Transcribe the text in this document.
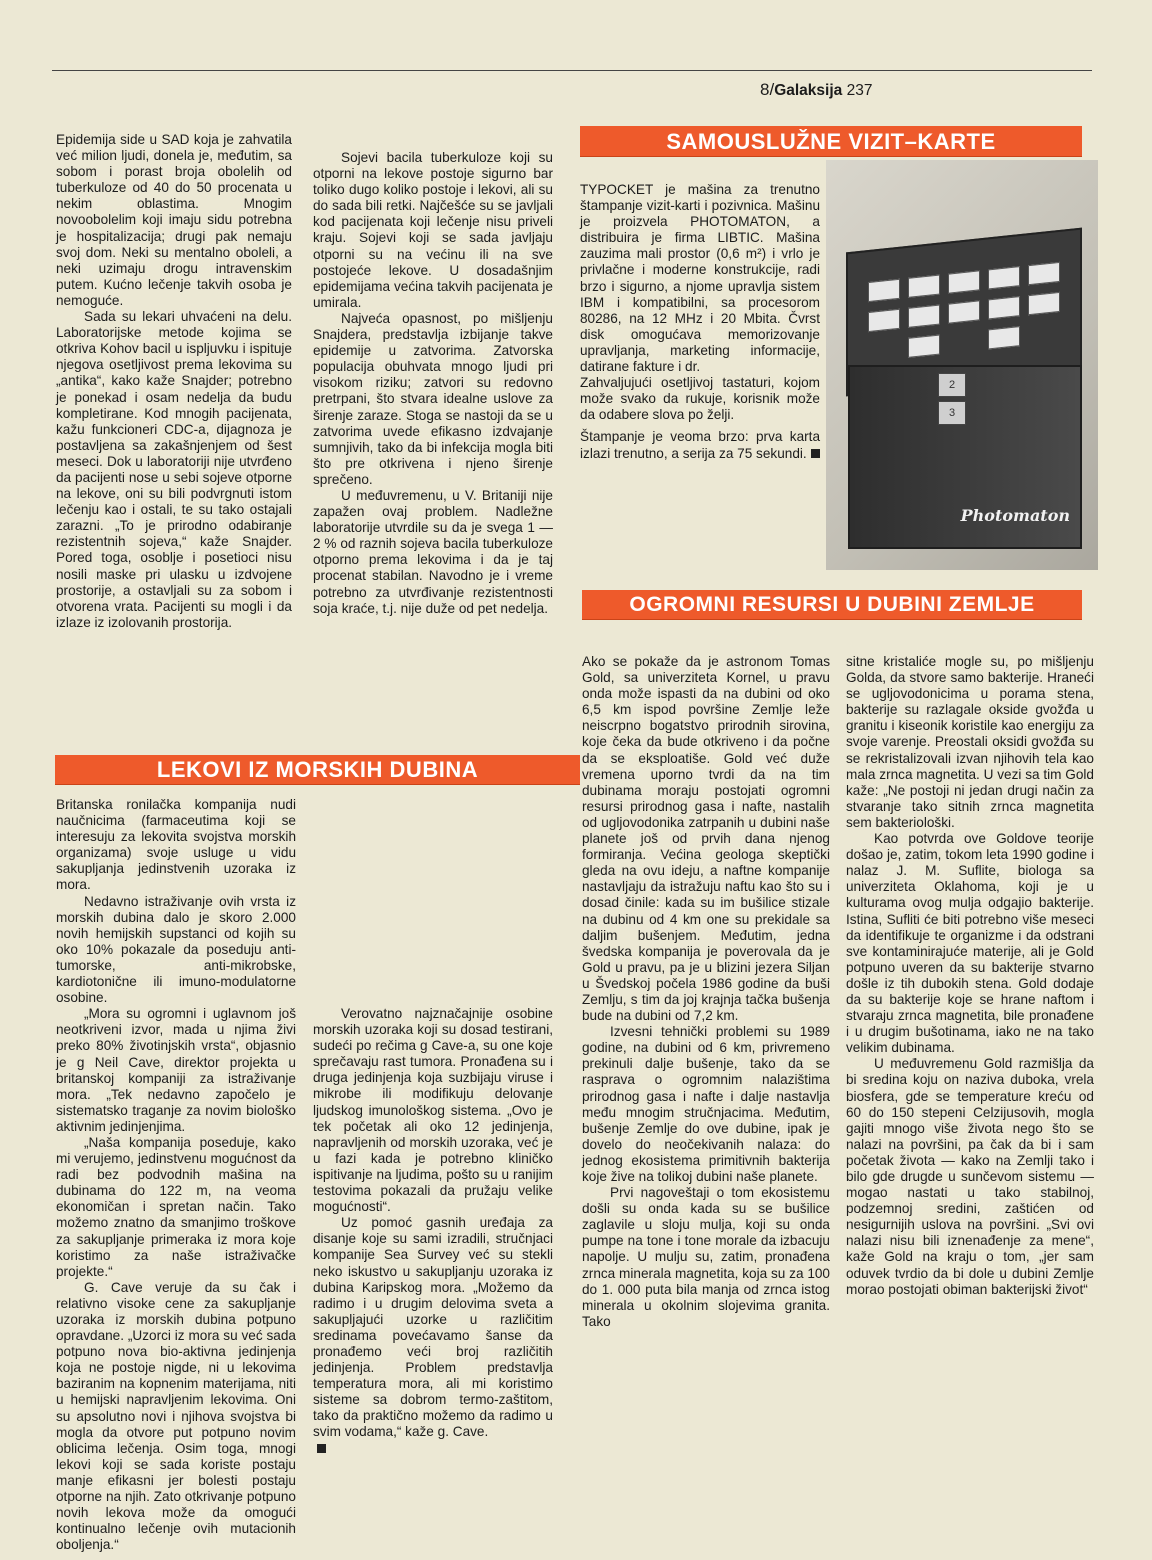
8/Galaksija 237

Epidemija side u SAD koja je zahvatila već milion ljudi, donela je, međutim, sa sobom i porast broja obolelih od tuberkuloze od 40 do 50 procenata u nekim oblastima. Mnogim novoobolelim koji imaju sidu potrebna je hospitalizacija; drugi pak nemaju svoj dom. Neki su mentalno oboleli, a neki uzimaju drogu intravenskim putem. Kućno lečenje takvih osoba je nemoguće.

Sada su lekari uhvaćeni na delu. Laboratorijske metode kojima se otkriva Kohov bacil u ispljuvku i ispituje njegova osetljivost prema lekovima su „antika“, kako kaže Snajder; potrebno je ponekad i osam nedelja da budu kompletirane. Kod mnogih pacijenata, kažu funkcioneri CDC-a, dijagnoza je postavljena sa zakašnjenjem od šest meseci. Dok u laboratoriji nije utvrđeno da pacijenti nose u sebi sojeve otporne na lekove, oni su bili podvrgnuti istom lečenju kao i ostali, te su tako ostajali zarazni. „To je prirodno odabiranje rezistentnih sojeva,“ kaže Snajder. Pored toga, osoblje i posetioci nisu nosili maske pri ulasku u izdvojene prostorije, a ostavljali su za sobom i otvorena vrata. Pacijenti su mogli i da izlaze iz izolovanih prostorija.

Sojevi bacila tuberkuloze koji su otporni na lekove postoje sigurno bar toliko dugo koliko postoje i lekovi, ali su do sada bili retki. Najčešće su se javljali kod pacijenata koji lečenje nisu priveli kraju. Sojevi koji se sada javljaju otporni su na većinu ili na sve postojeće lekove. U dosadašnjim epidemijama većina takvih pacijenata je umirala.

Najveća opasnost, po mišljenju Snajdera, predstavlja izbijanje takve epidemije u zatvorima. Zatvorska populacija obuhvata mnogo ljudi pri visokom riziku; zatvori su redovno pretrpani, što stvara idealne uslove za širenje zaraze. Stoga se nastoji da se u zatvorima uvede efikasno izdvajanje sumnjivih, tako da bi infekcija mogla biti što pre otkrivena i njeno širenje sprečeno.

U međuvremenu, u V. Britaniji nije zapažen ovaj problem. Nadležne laboratorije utvrdile su da je svega 1 — 2 % od raznih sojeva bacila tuberkuloze otporno prema lekovima i da je taj procenat stabilan. Navodno je i vreme potrebno za utvrđivanje rezistentnosti soja kraće, t.j. nije duže od pet nedelja.

LEKOVI IZ MORSKIH DUBINA

Britanska ronilačka kompanija nudi naučnicima (farmaceutima koji se interesuju za lekovita svojstva morskih organizama) svoje usluge u vidu sakupljanja jedinstvenih uzoraka iz mora.

Nedavno istraživanje ovih vrsta iz morskih dubina dalo je skoro 2.000 novih hemijskih supstanci od kojih su oko 10% pokazale da poseduju anti-tumorske, anti-mikrobske, kardiotonične ili imuno-modulatorne osobine.

„Mora su ogromni i uglavnom još neotkriveni izvor, mada u njima živi preko 80% životinjskih vrsta“, objasnio je g Neil Cave, direktor projekta u britanskoj kompaniji za istraživanje mora. „Tek nedavno započelo je sistematsko traganje za novim biološko aktivnim jedinjenjima.

„Naša kompanija poseduje, kako mi verujemo, jedinstvenu mogućnost da radi bez podvodnih mašina na dubinama do 122 m, na veoma ekonomičan i spretan način. Tako možemo znatno da smanjimo troškove za sakupljanje primeraka iz mora koje koristimo za naše istraživačke projekte.“

G. Cave veruje da su čak i relativno visoke cene za sakupljanje uzoraka iz morskih dubina potpuno opravdane. „Uzorci iz mora su već sada potpuno nova bio-aktivna jedinjenja koja ne postoje nigde, ni u lekovima baziranim na kopnenim materijama, niti u hemijski napravljenim lekovima. Oni su apsolutno novi i njihova svojstva bi mogla da otvore put potpuno novim oblicima lečenja. Osim toga, mnogi lekovi koji se sada koriste postaju manje efikasni jer bolesti postaju otporne na njih. Zato otkrivanje potpuno novih lekova može da omogući kontinualno lečenje ovih mutacionih oboljenja.“

Verovatno najznačajnije osobine morskih uzoraka koji su dosad testirani, sudeći po rečima g Cave-a, su one koje sprečavaju rast tumora. Pronađena su i druga jedinjenja koja suzbijaju viruse i mikrobe ili modifikuju delovanje ljudskog imunološkog sistema. „Ovo je tek početak ali oko 12 jedinjenja, napravljenih od morskih uzoraka, već je u fazi kada je potrebno kliničko ispitivanje na ljudima, pošto su u ranijim testovima pokazali da pružaju velike mogućnosti“.

Uz pomoć gasnih uređaja za disanje koje su sami izradili, stručnjaci kompanije Sea Survey već su stekli neko iskustvo u sakupljanju uzoraka iz dubina Karipskog mora. „Možemo da radimo i u drugim delovima sveta a sakupljajući uzorke u različitim sredinama povećavamo šanse da pronađemo veći broj različitih jedinjenja. Problem predstavlja temperatura mora, ali mi koristimo sisteme sa dobrom termo-zaštitom, tako da praktično možemo da radimo u svim vodama,“ kaže g. Cave.

SAMOUSLUŽNE VIZIT–KARTE

TYPOCKET je mašina za trenutno štampanje vizit-karti i pozivnica. Mašinu je proizvela PHOTOMATON, a distribuira je firma LIBTIC. Mašina zauzima mali prostor (0,6 m²) i vrlo je privlačne i moderne konstrukcije, radi brzo i sigurno, a njome upravlja sistem IBM i kompatibilni, sa procesorom 80286, na 12 MHz i 20 Mbita. Čvrst disk omogućava memorizovanje upravljanja, marketing informacije, datirane fakture i dr.

Zahvaljujući osetljivoj tastaturi, kojom može svako da rukuje, korisnik može da odabere slova po želji.

Štampanje je veoma brzo: prva karta izlazi trenutno, a serija za 75 sekundi.

2
3
Photomaton
OGROMNI RESURSI U DUBINI ZEMLJE

Ako se pokaže da je astronom Tomas Gold, sa univerziteta Kornel, u pravu onda može ispasti da na dubini od oko 6,5 km ispod površine Zemlje leže neiscrpno bogatstvo prirodnih sirovina, koje čeka da bude otkriveno i da počne da se eksploatiše. Gold već duže vremena uporno tvrdi da na tim dubinama moraju postojati ogromni resursi prirodnog gasa i nafte, nastalih od ugljovodonika zatrpanih u dubini naše planete još od prvih dana njenog formiranja. Većina geologa skeptički gleda na ovu ideju, a naftne kompanije nastavljaju da istražuju naftu kao što su i dosad činile: kada su im bušilice stizale na dubinu od 4 km one su prekidale sa daljim bušenjem. Međutim, jedna švedska kompanija je poverovala da je Gold u pravu, pa je u blizini jezera Siljan u Švedskoj počela 1986 godine da buši Zemlju, s tim da joj krajnja tačka bušenja bude na dubini od 7,2 km.

Izvesni tehnički problemi su 1989 godine, na dubini od 6 km, privremeno prekinuli dalje bušenje, tako da se rasprava o ogromnim nalazištima prirodnog gasa i nafte i dalje nastavlja među mnogim stručnjacima. Međutim, bušenje Zemlje do ove dubine, ipak je dovelo do neočekivanih nalaza: do jednog ekosistema primitivnih bakterija koje žive na tolikoj dubini naše planete.

Prvi nagoveštaji o tom ekosistemu došli su onda kada su se bušilice zaglavile u sloju mulja, koji su onda pumpe na tone i tone morale da izbacuju napolje. U mulju su, zatim, pronađena zrnca minerala magnetita, koja su za 100 do 1. 000 puta bila manja od zrnca istog minerala u okolnim slojevima granita. Tako

sitne kristaliće mogle su, po mišljenju Golda, da stvore samo bakterije. Hraneći se ugljovodonicima u porama stena, bakterije su razlagale okside gvožđa u granitu i kiseonik koristile kao energiju za svoje varenje. Preostali oksidi gvožđa su se rekristalizovali izvan njihovih tela kao mala zrnca magnetita. U vezi sa tim Gold kaže: „Ne postoji ni jedan drugi način za stvaranje tako sitnih zrnca magnetita sem bakteriološki.

Kao potvrda ove Goldove teorije došao je, zatim, tokom leta 1990 godine i nalaz J. M. Suflite, biologa sa univerziteta Oklahoma, koji je u kulturama ovog mulja odgajio bakterije. Istina, Sufliti će biti potrebno više meseci da identifikuje te organizme i da odstrani sve kontaminirajuće materije, ali je Gold potpuno uveren da su bakterije stvarno došle iz tih dubokih stena. Gold dodaje da su bakterije koje se hrane naftom i stvaraju zrnca magnetita, bile pronađene i u drugim bušotinama, iako ne na tako velikim dubinama.

U međuvremenu Gold razmišlja da bi sredina koju on naziva duboka, vrela biosfera, gde se temperature kreću od 60 do 150 stepeni Celzijusovih, mogla gajiti mnogo više života nego što se nalazi na površini, pa čak da bi i sam početak života — kako na Zemlji tako i bilo gde drugde u sunčevom sistemu — mogao nastati u tako stabilnoj, podzemnoj sredini, zaštićen od nesigurnijih uslova na površini. „Svi ovi nalazi nisu bili iznenađenje za mene“, kaže Gold na kraju o tom, „jer sam oduvek tvrdio da bi dole u dubini Zemlje morao postojati obiman bakterijski život“
